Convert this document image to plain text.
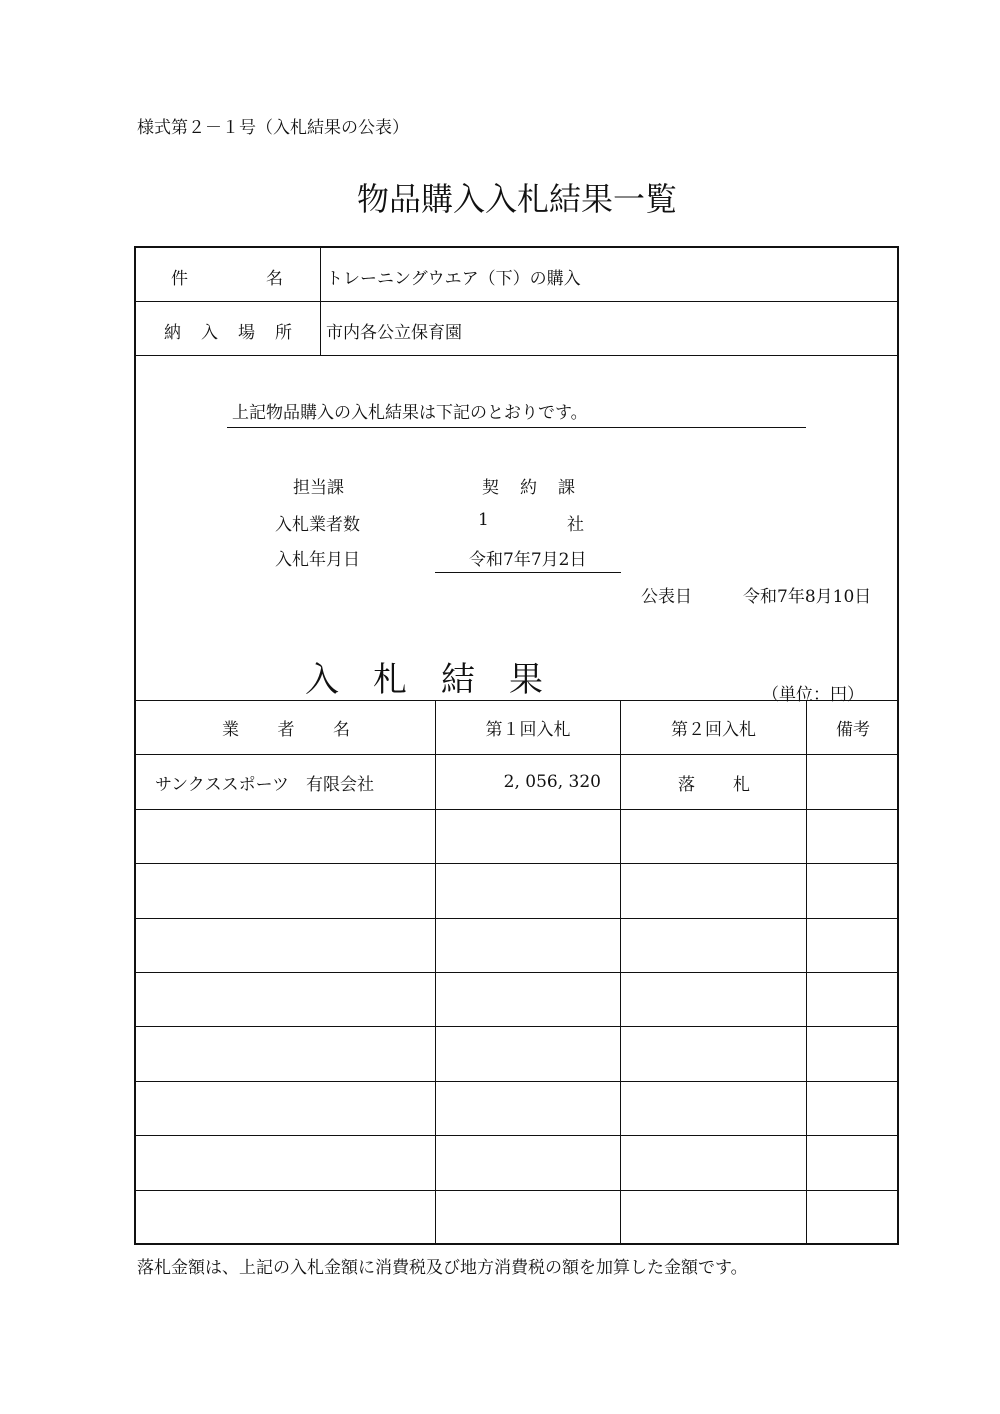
様式第２－１号（入札結果の公表）
物品購入入札結果一覧
件	名	トレーニングウエア（下）の購入
納 入 場 所 市内各公立保育園
上記物品購入の入札結果は下記のとおりです。
担当課	契 約 課
入札業者数	1	社
入札年月日	令和7年7月2日
公表日	令和7年8月10日
入 札 結 果	（単位：円）
業 者 名	第１回入札	第２回入札	備考
サンクススポーツ　有限会社	2, 056, 320	落 札
落札金額は、上記の入札金額に消費税及び地方消費税の額を加算した金額です。
